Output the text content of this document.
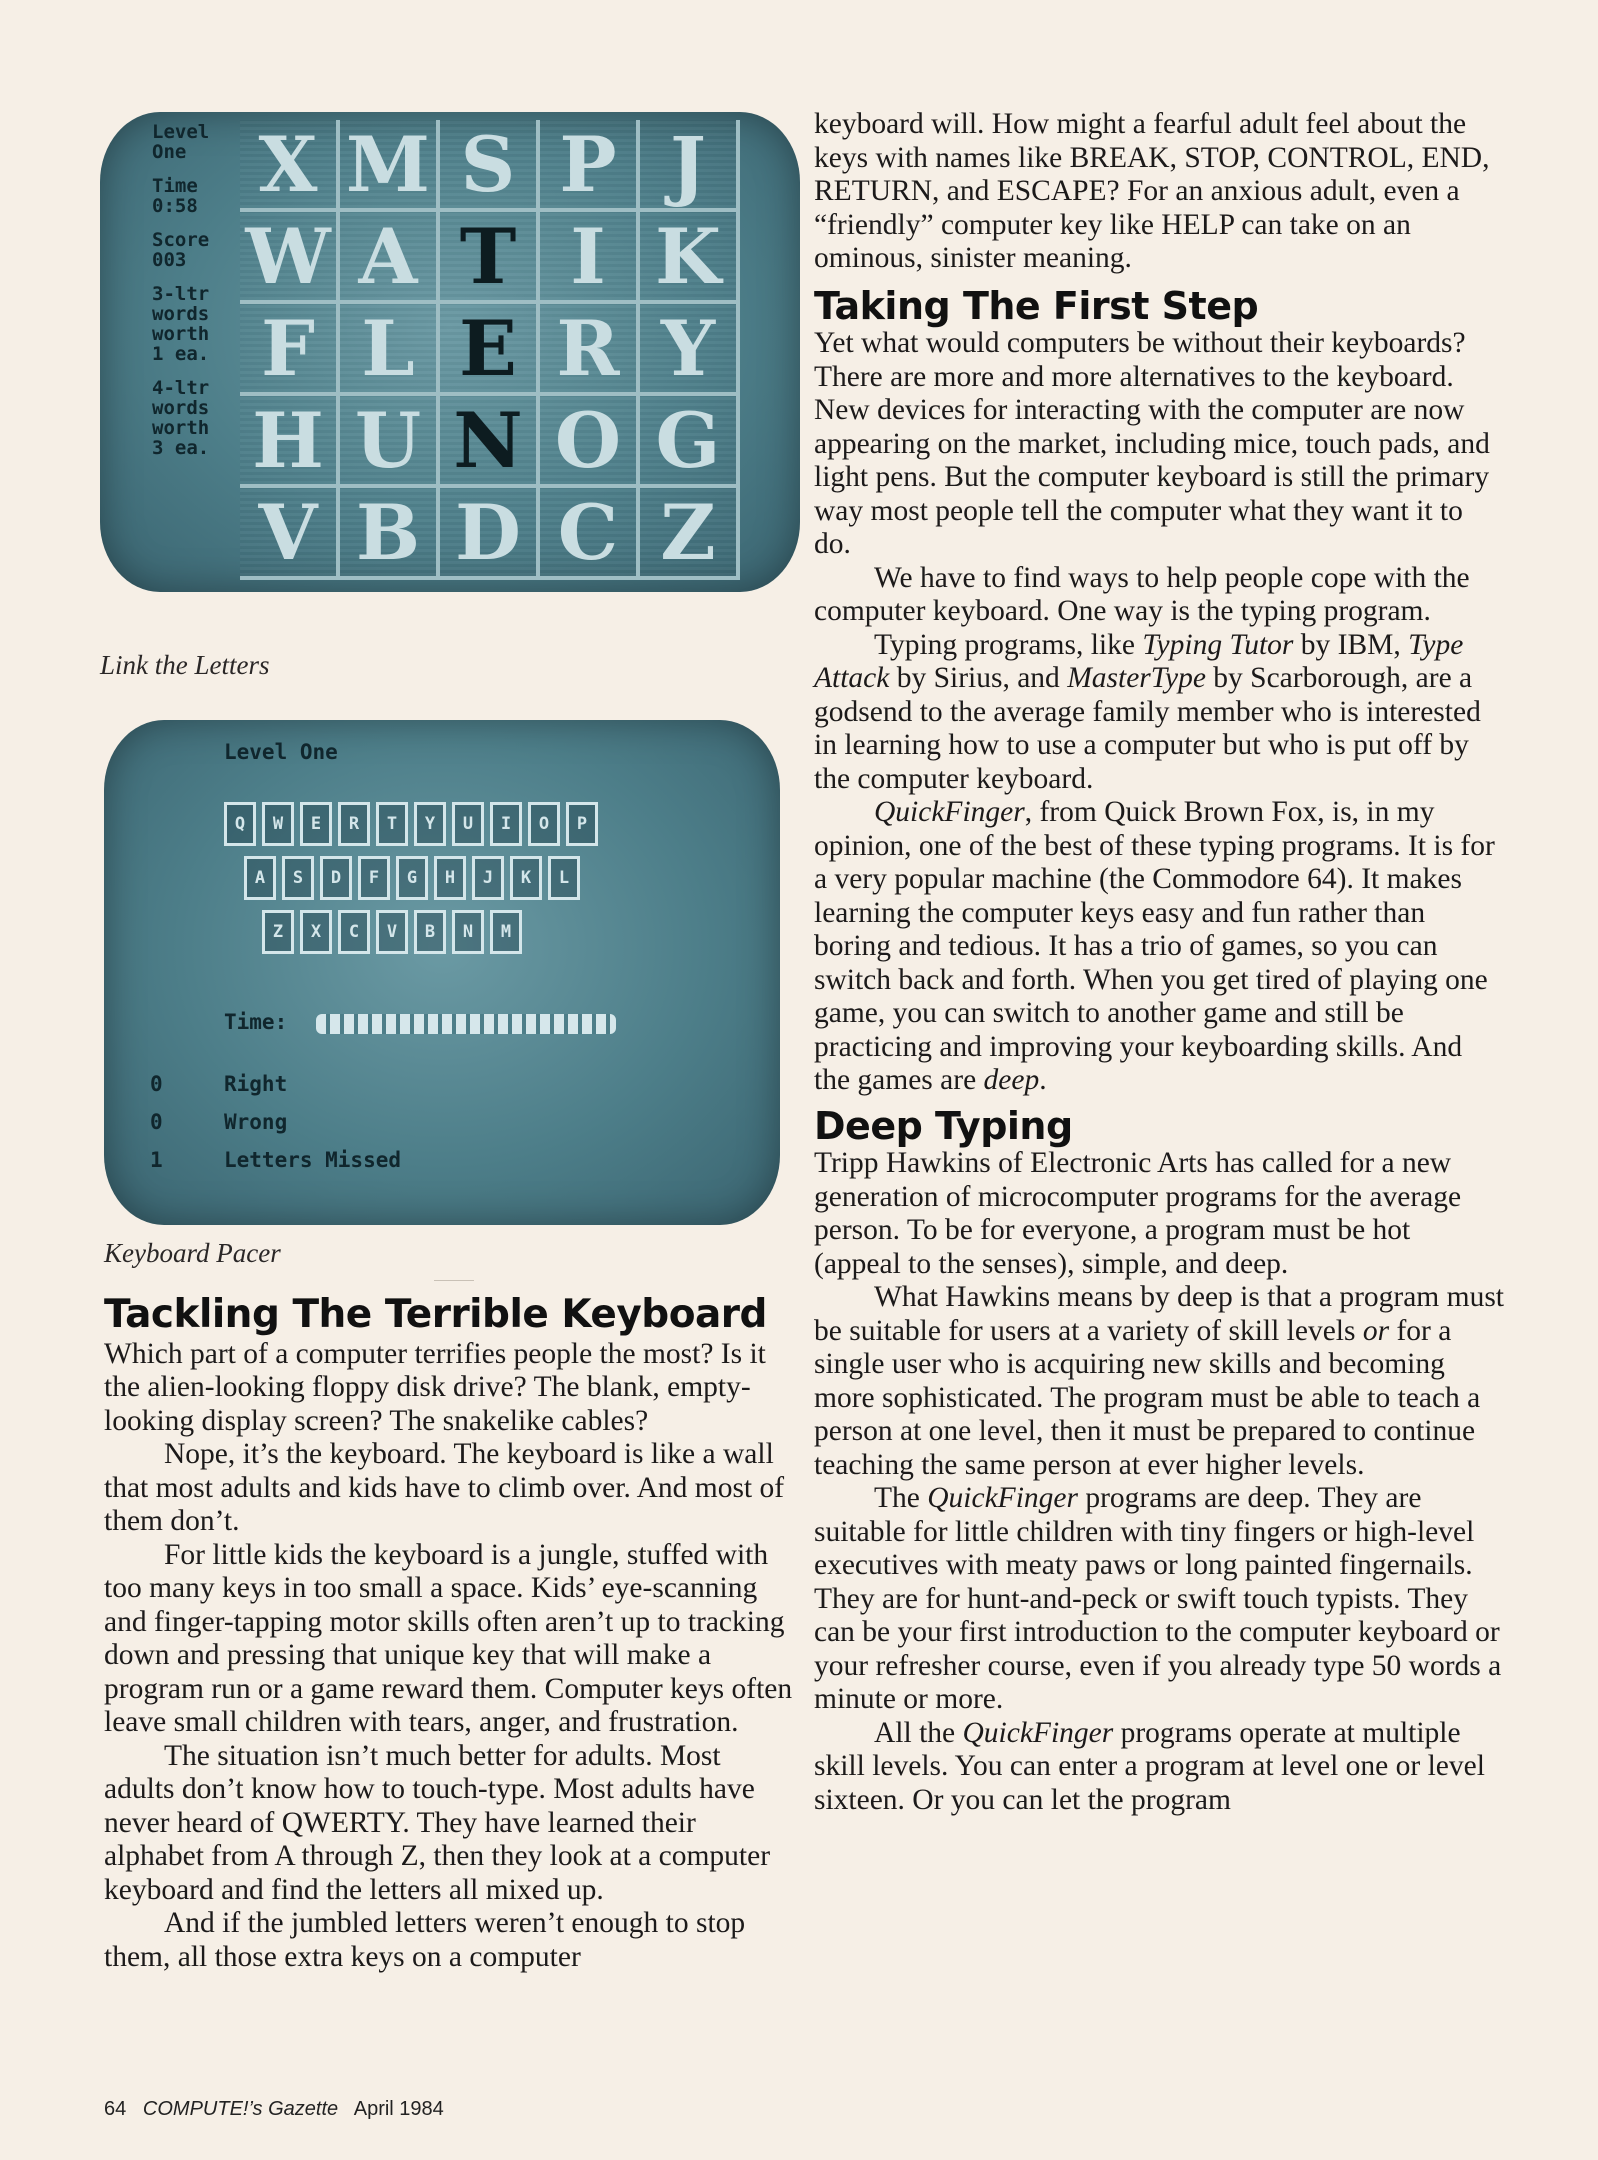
Level
One
Time
0:58
Score
003
3-ltr
words
worth
1 ea.
4-ltr
words
worth
3 ea.
X M S P J
W A T I K
F L E R Y
H U N O G
V B D C Z
Link the Letters
Level One
Q	W	E	R	T	Y	U	I	O	P
A	S	D	F	G	H	J	K	L
Z	X	C	V	B	N	M
Time:
0	Right
0	Wrong
1	Letters Missed
Keyboard Pacer
Tackling The Terrible Keyboard

Which part of a computer terrifies people the most? Is it the alien-looking floppy disk drive? The blank, empty-looking display screen? The snakelike cables?

Nope, it’s the keyboard. The keyboard is like a wall that most adults and kids have to climb over. And most of them don’t.

For little kids the keyboard is a jungle, stuffed with too many keys in too small a space. Kids’ eye-scanning and finger-tapping motor skills often aren’t up to tracking down and pressing that unique key that will make a program run or a game reward them. Computer keys often leave small children with tears, anger, and frustration.

The situation isn’t much better for adults. Most adults don’t know how to touch-type. Most adults have never heard of QWERTY. They have learned their alphabet from A through Z, then they look at a computer keyboard and find the letters all mixed up.

And if the jumbled letters weren’t enough to stop them, all those extra keys on a computer

keyboard will. How might a fearful adult feel about the keys with names like BREAK, STOP, CONTROL, END, RETURN, and ESCAPE? For an anxious adult, even a “friendly” computer key like HELP can take on an ominous, sinister meaning.

Taking The First Step

Yet what would computers be without their keyboards? There are more and more alternatives to the keyboard. New devices for interacting with the computer are now appearing on the market, including mice, touch pads, and light pens. But the computer keyboard is still the primary way most people tell the computer what they want it to do.

We have to find ways to help people cope with the computer keyboard. One way is the typing program.

Typing programs, like Typing Tutor by IBM, Type Attack by Sirius, and MasterType by Scarborough, are a godsend to the average family member who is interested in learning how to use a computer but who is put off by the computer keyboard.

QuickFinger, from Quick Brown Fox, is, in my opinion, one of the best of these typing programs. It is for a very popular machine (the Commodore 64). It makes learning the computer keys easy and fun rather than boring and tedious. It has a trio of games, so you can switch back and forth. When you get tired of playing one game, you can switch to another game and still be practicing and improving your keyboarding skills. And the games are deep.

Deep Typing

Tripp Hawkins of Electronic Arts has called for a new generation of microcomputer programs for the average person. To be for everyone, a program must be hot (appeal to the senses), simple, and deep.

What Hawkins means by deep is that a program must be suitable for users at a variety of skill levels or for a single user who is acquiring new skills and becoming more sophisticated. The program must be able to teach a person at one level, then it must be prepared to continue teaching the same person at ever higher levels.

The QuickFinger programs are deep. They are suitable for little children with tiny fingers or high-level executives with meaty paws or long painted fingernails. They are for hunt-and-peck or swift touch typists. They can be your first introduction to the computer keyboard or your refresher course, even if you already type 50 words a minute or more.

All the QuickFinger programs operate at multiple skill levels. You can enter a program at level one or level sixteen. Or you can let the program

64 COMPUTE!’s Gazette April 1984
